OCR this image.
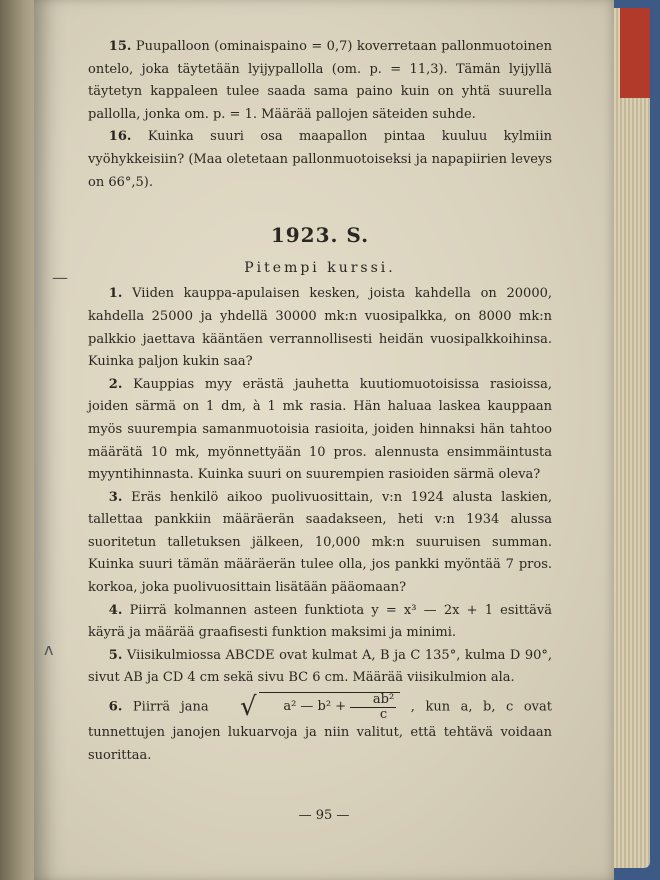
15. Puupalloon (ominaispaino = 0,7) koverretaan pallonmuotoinen ontelo, joka täytetään lyijypallolla (om. p. = 11,3). Tämän lyijyllä täytetyn kappaleen tulee saada sama paino kuin on yhtä suurella pallolla, jonka om. p. = 1. Määrää pallojen säteiden suhde.

16. Kuinka suuri osa maapallon pintaa kuuluu kylmiin vyöhykkeisiin? (Maa oletetaan pallonmuotoiseksi ja napapiirien leveys on 66°,5).

1923. S.
Pitempi kurssi.

1. Viiden kauppa-apulaisen kesken, joista kahdella on 20000, kahdella 25000 ja yhdellä 30000 mk:n vuosipalkka, on 8000 mk:n palkkio jaettava kääntäen verrannollisesti heidän vuosipalkkoihinsa. Kuinka paljon kukin saa?

2. Kauppias myy erästä jauhetta kuutiomuotoisissa rasioissa, joiden särmä on 1 dm, à 1 mk rasia. Hän haluaa laskea kauppaan myös suurempia samanmuotoisia rasioita, joiden hinnaksi hän tahtoo määrätä 10 mk, myönnettyään 10 pros. alennusta ensimmäintusta myyntihinnasta. Kuinka suuri on suurempien rasioiden särmä oleva?

3. Eräs henkilö aikoo puolivuosittain, v:n 1924 alusta laskien, tallettaa pankkiin määräerän saadakseen, heti v:n 1934 alussa suoritetun talletuksen jälkeen, 10,000 mk:n suuruisen summan. Kuinka suuri tämän määräerän tulee olla, jos pankki myöntää 7 pros. korkoa, joka puolivuosittain lisätään pääomaan?

4. Piirrä kolmannen asteen funktiota y = x³ — 2x + 1 esittävä käyrä ja määrää graafisesti funktion maksimi ja minimi.

5. Viisikulmiossa ABCDE ovat kulmat A, B ja C 135°, kulma D 90°, sivut AB ja CD 4 cm sekä sivu BC 6 cm. Määrää viisikulmion ala.

6. Piirrä jana	√	a² — $b^2 + \frac{\text{ab²}}{c}$ , kun a, b, c ovat tunnettujen janojen lukuarvoja ja niin valitut, että tehtävä voidaan suorittaa.

—
ʌ
— 95 —
